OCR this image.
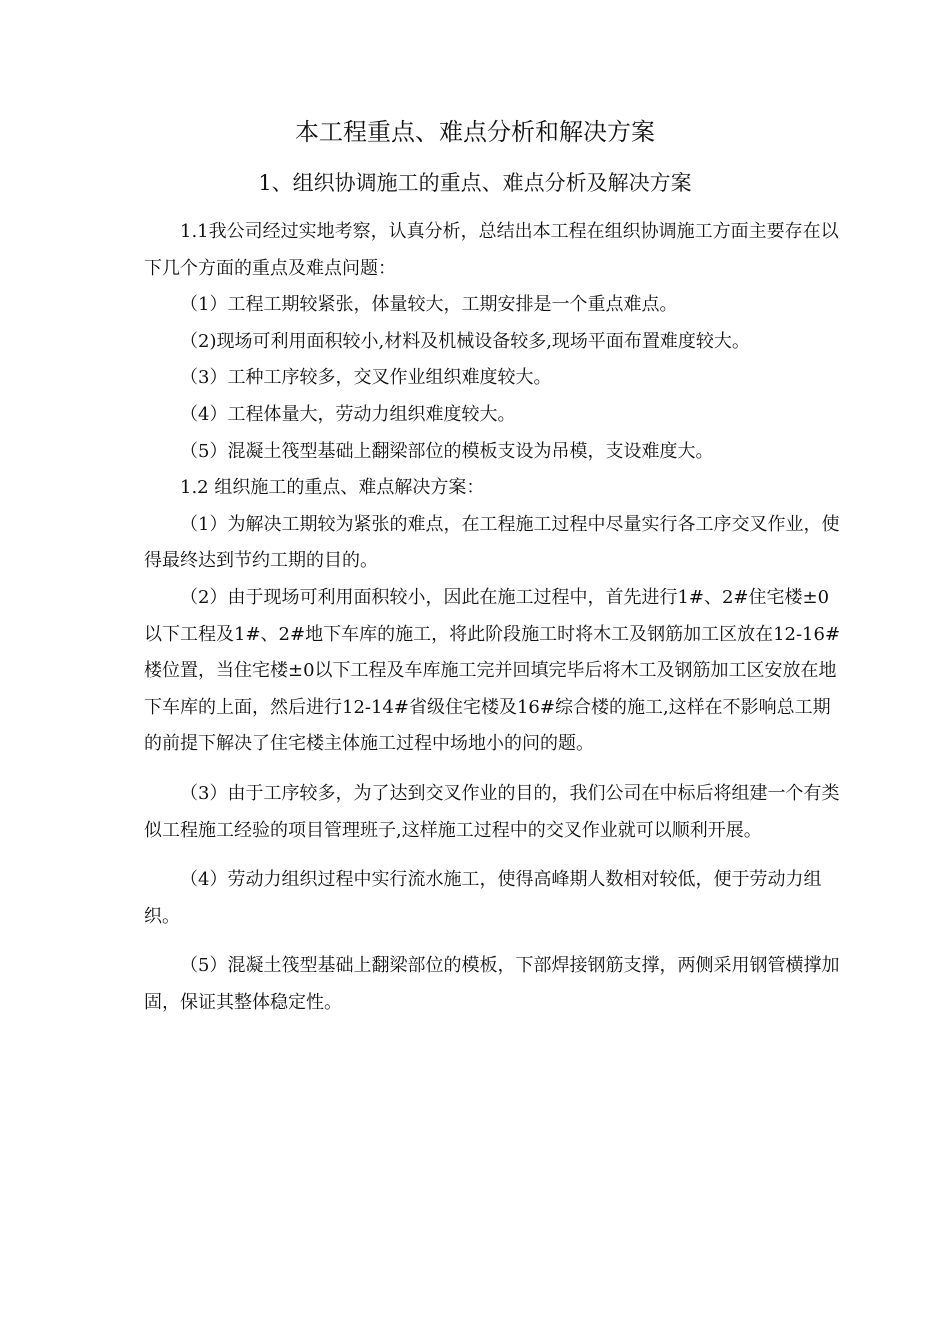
本工程重点、难点分析和解决方案
1、组织协调施工的重点、难点分析及解决方案

1.1我公司经过实地考察，认真分析，总结出本工程在组织协调施工方面主要存在以下几个方面的重点及难点问题：

（1）工程工期较紧张，体量较大，工期安排是一个重点难点。

（2)现场可利用面积较小,材料及机械设备较多,现场平面布置难度较大。

（3）工种工序较多，交叉作业组织难度较大。

（4）工程体量大，劳动力组织难度较大。

（5）混凝土筏型基础上翻梁部位的模板支设为吊模，支设难度大。

1.2 组织施工的重点、难点解决方案：

（1）为解决工期较为紧张的难点，在工程施工过程中尽量实行各工序交叉作业，使得最终达到节约工期的目的。

（2）由于现场可利用面积较小，因此在施工过程中，首先进行1#、2#住宅楼±0以下工程及1#、2#地下车库的施工，将此阶段施工时将木工及钢筋加工区放在12-16#楼位置，当住宅楼±0以下工程及车库施工完并回填完毕后将木工及钢筋加工区安放在地下车库的上面，然后进行12-14#省级住宅楼及16#综合楼的施工,这样在不影响总工期的前提下解决了住宅楼主体施工过程中场地小的问的题。

（3）由于工序较多，为了达到交叉作业的目的，我们公司在中标后将组建一个有类似工程施工经验的项目管理班子,这样施工过程中的交叉作业就可以顺利开展。

（4）劳动力组织过程中实行流水施工，使得高峰期人数相对较低，便于劳动力组织。

（5）混凝土筏型基础上翻梁部位的模板，下部焊接钢筋支撑，两侧采用钢管横撑加固，保证其整体稳定性。
